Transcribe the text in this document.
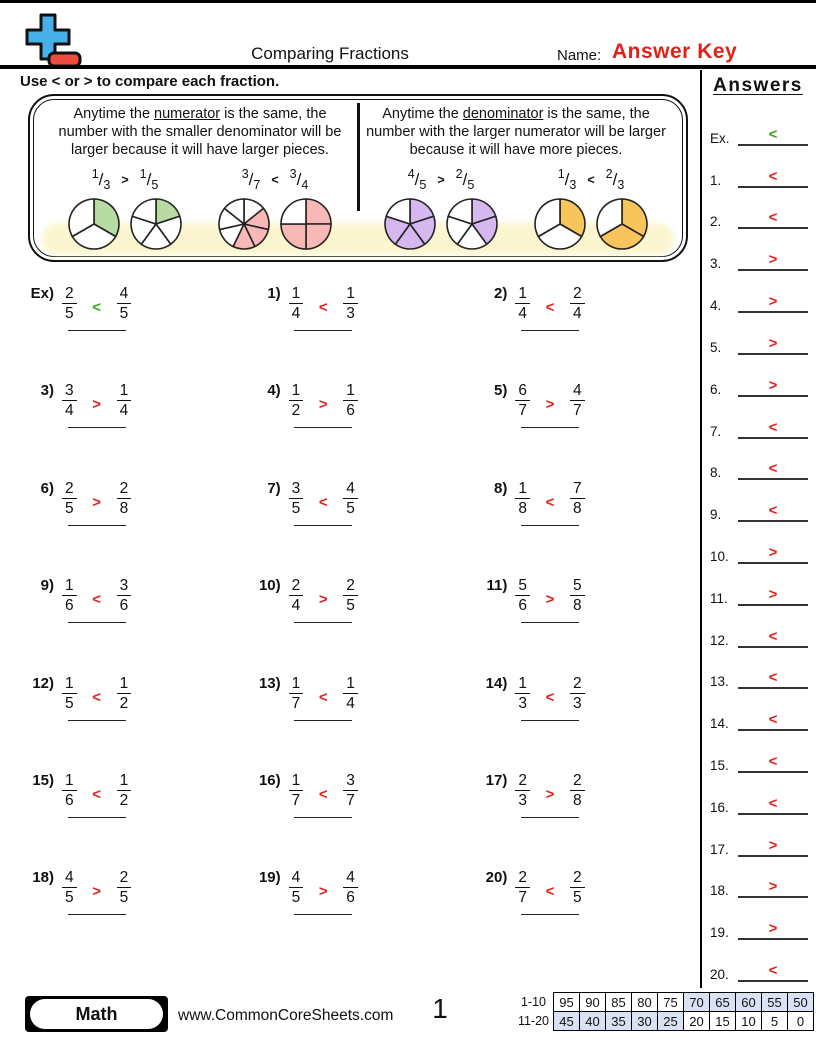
Comparing Fractions	Name: Answer Key
Use < or > to compare each fraction.

Anytime the numerator is the same, the number with the smaller denominator will be larger because it will have larger pieces.

1/3 > 1/5
3/7 < 3/4

Anytime the denominator is the same, the number with the larger numerator will be larger because it will have more pieces.

4/5 > 2/5
1/3 < 2/3
$Ex) \frac{2}{5} < \frac{4}{5}$	$1) \frac{1}{4} < \frac{1}{3}$	$2) \frac{1}{4} < \frac{2}{4}$
$3) \frac{3}{4} > \frac{1}{4}$	$4) \frac{1}{2} > \frac{1}{6}$	$5) \frac{6}{7} > \frac{4}{7}$
$6) \frac{2}{5} > \frac{2}{8}$	$7) \frac{3}{5} < \frac{4}{5}$	$8) \frac{1}{8} < \frac{7}{8}$
$9) \frac{1}{6} < \frac{3}{6}$	$10) \frac{2}{4} > \frac{2}{5}$	$11) \frac{5}{6} > \frac{5}{8}$
$12) \frac{1}{5} < \frac{1}{2}$	$13) \frac{1}{7} < \frac{1}{4}$	$14) \frac{1}{3} < \frac{2}{3}$
$15) \frac{1}{6} < \frac{1}{2}$	$16) \frac{1}{7} < \frac{3}{7}$	$17) \frac{2}{3} > \frac{2}{8}$
$18) \frac{4}{5} > \frac{2}{5}$	$19) \frac{4}{5} > \frac{4}{6}$	$20) \frac{2}{7} < \frac{2}{5}$
Answers
Ex.	<
1.	<
2.	<
3.	>
4.	>
5.	>
6.	>
7.	<
8.	<
9.	<
10.	>
11.	>
12.	<
13.	<
14.	<
15.	<
16.	<
17.	>
18.	>
19.	>
20.	<
Math	www.CommonCoreSheets.com	1	1-10	95	90	85	80	75	70	65	60	55	50
11-20	45	40	35	30	25	20	15	10	5	0
